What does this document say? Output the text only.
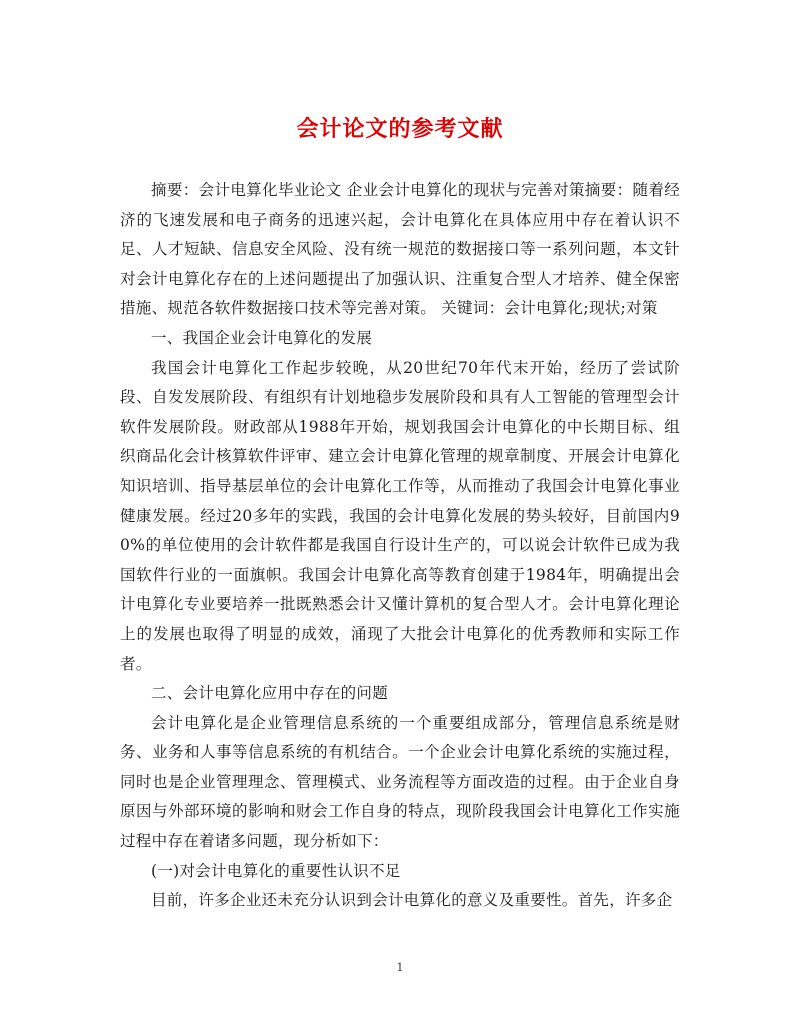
会计论文的参考文献

摘要：会计电算化毕业论文 企业会计电算化的现状与完善对策摘要：随着经济的飞速发展和电子商务的迅速兴起，会计电算化在具体应用中存在着认识不足、人才短缺、信息安全风险、没有统一规范的数据接口等一系列问题，本文针对会计电算化存在的上述问题提出了加强认识、注重复合型人才培养、健全保密措施、规范各软件数据接口技术等完善对策。 关键词：会计电算化;现状;对策

一、我国企业会计电算化的发展

我国会计电算化工作起步较晚，从20世纪70年代末开始，经历了尝试阶段、自发发展阶段、有组织有计划地稳步发展阶段和具有人工智能的管理型会计软件发展阶段。财政部从1988年开始，规划我国会计电算化的中长期目标、组织商品化会计核算软件评审、建立会计电算化管理的规章制度、开展会计电算化知识培训、指导基层单位的会计电算化工作等，从而推动了我国会计电算化事业健康发展。经过20多年的实践，我国的会计电算化发展的势头较好，目前国内90%的单位使用的会计软件都是我国自行设计生产的，可以说会计软件已成为我国软件行业的一面旗帜。我国会计电算化高等教育创建于1984年，明确提出会计电算化专业要培养一批既熟悉会计又懂计算机的复合型人才。会计电算化理论上的发展也取得了明显的成效，涌现了大批会计电算化的优秀教师和实际工作者。

二、会计电算化应用中存在的问题

会计电算化是企业管理信息系统的一个重要组成部分，管理信息系统是财务、业务和人事等信息系统的有机结合。一个企业会计电算化系统的实施过程，同时也是企业管理理念、管理模式、业务流程等方面改造的过程。由于企业自身原因与外部环境的影响和财会工作自身的特点，现阶段我国会计电算化工作实施过程中存在着诸多问题，现分析如下：

(一)对会计电算化的重要性认识不足

目前，许多企业还未充分认识到会计电算化的意义及重要性。首先，许多企

1
